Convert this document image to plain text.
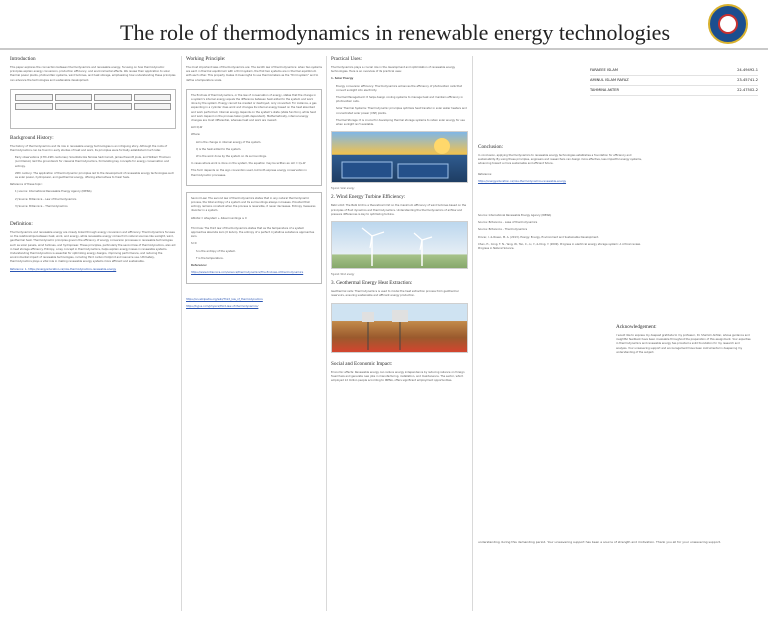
The role of thermodynamics in renewable energy technologies
Introduction

This paper explores the connection between thermodynamics and renewable energy, focusing on how thermodynamic principles explain energy conversion, production efficiency, and environmental effects. We review their application to solar thermal power plants, photovoltaic systems, wind turbines, and heat storage, emphasizing how understanding these principles can advance the technologies and sustainable development.

Background History:

The history of thermodynamics and its role in renewable energy technologies is an intriguing story. Although the roots of thermodynamics can be found in early studies of heat and work, its principles were formally established much later.

Early observations (17th-19th centuries): Scientists like Nicolas Sadi Carnot, James Prescott Joule, and William Thomson (Lord Kelvin) laid the groundwork for classical thermodynamics, formulating key concepts for energy conservation and entropy.

20th century: The application of thermodynamic principles led to the development of renewable energy technologies such as solar power, hydropower, and geothermal energy, offering alternatives to fossil fuels.

Reference of these topic:

1) source: International Renewable Energy Agency (IRENA)

2) Source: Britannica – Law of thermodynamics

3) Source: Britannica – Thermodynamics

Definition:

Thermodynamics and renewable energy are closely linked through energy conversion and efficiency. Thermodynamics focuses on the relationships between heat, work, and energy, while renewable energy comes from natural sources like sunlight, wind, geothermal heat. Thermodynamic principles govern the efficiency of energy conversion processes in renewable technologies such as solar panels, wind turbines, and hydropower. These principles, particularly the second law of thermodynamics, also aid in heat storage efficiency. Entropy, a key concept in thermodynamics, helps explain energy losses in renewable systems. Understanding thermodynamics is essential for optimizing energy designs, improving performance, and reducing the environmental impact of renewable technologies, including third carbon footprint and resource use. Ultimately, thermodynamics plays a vital role in making renewable energy systems more efficient and sustainable.

Reference: 1- https://energyeducation.ca/role-thermodynamics-renewable-energy

Working Principle:

The most important laws of thermodynamics are: The zeroth law of thermodynamics: when two systems are each in thermal equilibrium with a third system, the first two systems are in thermal equilibrium with each other. This property makes it meaningful to use thermometers as the “third system” and to define a temperature scale.

The first law of thermodynamics, or the law of conservation of energy, states that the change in a system’s internal energy equals the difference between heat added to the system and work done by the system. Energy cannot be created or destroyed, only converted. For instance, a gas expanding in a cylinder does work and changes its internal energy based on the heat absorbed and work performed. Internal energy depends on the system’s state (state function), while heat and work depend on the process taken (path-dependent). Mathematically, internal energy changes are most differential, whereas heat and work are inexact.

ΔU=Q-W

Where:

ΔU is the change in internal energy of the system.

Q is the heat added to the system.

W is the work done by the system on its surroundings.

In cases where work is done on the system, the equation may be written as: ΔU = Q+W

This form depends on the sign convention used, but both express energy conservation in thermodynamic processes.

Second Law: The second law of thermodynamics states that in any natural thermodynamic process, the total entropy of a system and its surroundings always increases. Provided that entropy remains constant when the process is reversible, it never decreases. Entropy measures disorder in a system.

ΔStotal = ΔSsystem + ΔSsurroundings ≥ 0

Third law: The third law of thermodynamics states that as the temperature of a system approaches absolute zero (0 kelvin), the entropy of a perfect crystalline substance approaches zero.

S=0

S is the entropy of the system.

T is the temperature.

Reference:

https://www.britannica.com/science/thermodynamics/The-first-law-of-thermodynamics

https://en.wikipedia.org/wiki/Third_law_of_thermodynamics

https://byjus.com/physics/third-law-of-thermodynamics/

Practical Uses:

Thermodynamics plays a crucial role in the development and optimization of renewable energy technologies. Here is an overview of its practical uses:

1. Solar Energy

Energy conversion efficiency: Thermodynamics enhances the efficiency of photovoltaic cells that convert sunlight into electricity.

Thermal Management: It helps design cooling systems to manage heat and maintain efficiency in photovoltaic cells.

Solar Thermal Systems: Thermodynamic principles optimize heat transfer in solar water heaters and concentrated solar power (CSP) plants.

Thermal Storage: It is crucial for developing thermal storage systems to retain solar energy for use when sunlight isn’t available.

Figure1: Solar energy

2. Wind Energy Turbine Efficiency:

Betz Limit: The Betz limit is a theoretical limit on the maximum efficiency of wind turbines based on the principles of fluid dynamics and thermodynamics. Understanding the thermodynamics of airflow and pressure differences is key to optimizing turbine.

Figure2: Wind energy

3. Geothermal Energy Heat Extraction:

Geothermal cells: Thermodynamics is used to model the heat extraction process from geothermal reservoirs, ensuring sustainable and efficient energy production.

Social and Economic Impact:

Economic effects: Renewable energy can reduce energy independence by reducing reliance on foreign fossil fuels and generate new jobs in manufacturing, installation, and maintenance. The sector, which employed 12 million people according to IRENA, offers significant employment opportunities.

FARAEEE ISLAM	24-49492-1
AMINUL ISLAM RAFAZ	23-45741-2
TAHMINA AKTER	22-47502-2
Conclusion:

In conclusion, applying thermodynamics to renewable energy technologies establishes a foundation for efficiency and sustainability. By using these principles, engineers and researchers can design more effective, less impactful energy systems, advancing toward a more sustainable and efficient future.

Reference:

https://energyeducation.ca/role-thermodynamics-renewable-energy

Source: International Renewable Energy Agency (IRENA)

Source: Britannica – Laws of thermodynamics

Source: Britannica – Thermodynamics

Dincer, I. & Rosen, M. A. (2013). Exergy: Energy, Environment and Sustainable Development.

Chen, H., Cong, T. N., Yang, W., Tan, C., Li, Y., & Ding, Y. (2009). Progress in electrical energy storage system: A critical review. Progress in Natural Science.

Acknowledgement:

I would like to express my deepest gratitude to my professor, Dr. Shamim Akhtar, whose guidance and insightful feedback have been invaluable throughout the preparation of this assignment. Your expertise in thermodynamics and renewable energy has provided a solid foundation for my research and analysis. Your unwavering support and encouragement have been instrumental in deepening my understanding of the subject.

understanding during this demanding period. Your unwavering support has been a source of strength and motivation. Thank you all for your unwavering support.
